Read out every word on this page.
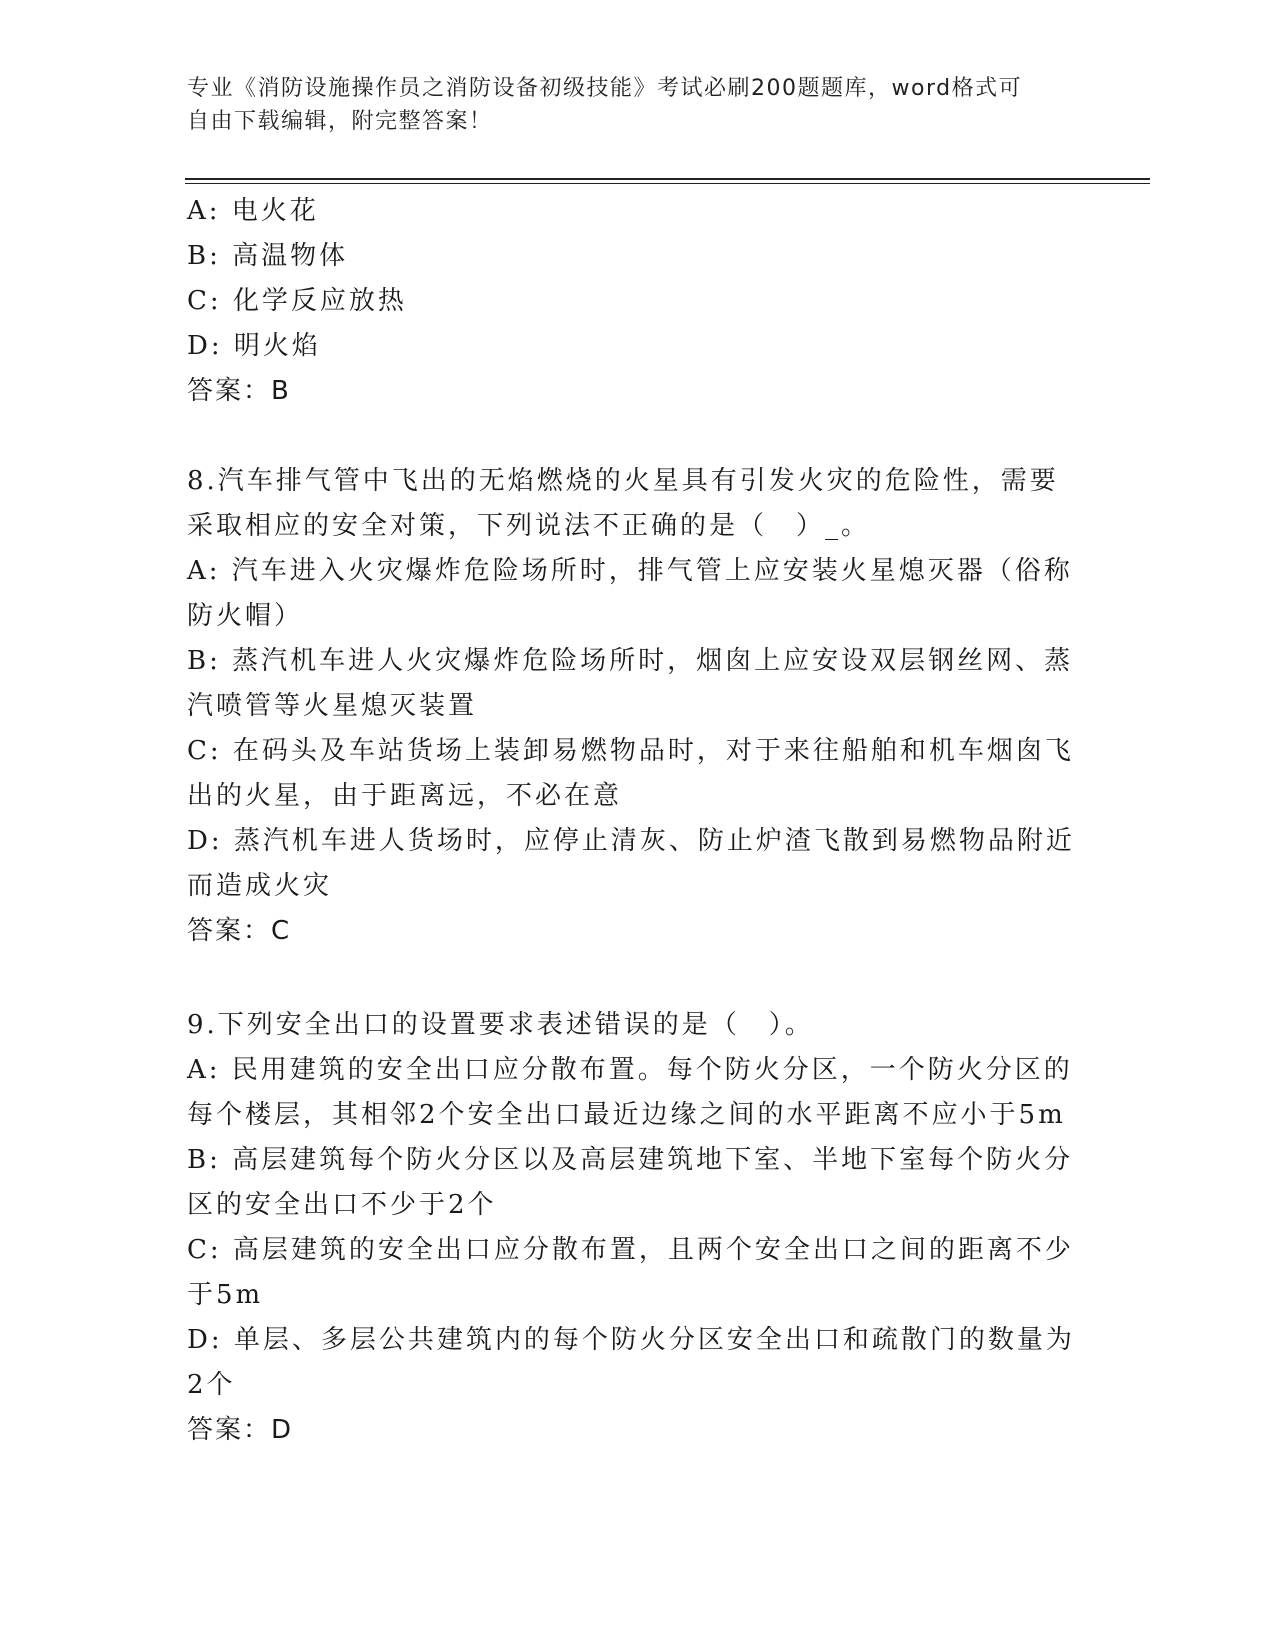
专业《消防设施操作员之消防设备初级技能》考试必刷200题题库，word格式可
自由下载编辑，附完整答案！
A: 电火花
B: 高温物体
C: 化学反应放热
D: 明火焰
答案：B
8.汽车排气管中飞出的无焰燃烧的火星具有引发火灾的危险性，需要
采取相应的安全对策，下列说法不正确的是（　）_。
A: 汽车进入火灾爆炸危险场所时，排气管上应安装火星熄灭器（俗称
防火帽）
B: 蒸汽机车进人火灾爆炸危险场所时，烟囱上应安设双层钢丝网、蒸
汽喷管等火星熄灭装置
C: 在码头及车站货场上装卸易燃物品时，对于来往船舶和机车烟囱飞
出的火星，由于距离远，不必在意
D: 蒸汽机车进人货场时，应停止清灰、防止炉渣飞散到易燃物品附近
而造成火灾
答案：C
9.下列安全出口的设置要求表述错误的是（　）。
A: 民用建筑的安全出口应分散布置。每个防火分区，一个防火分区的
每个楼层，其相邻2个安全出口最近边缘之间的水平距离不应小于5m
B: 高层建筑每个防火分区以及高层建筑地下室、半地下室每个防火分
区的安全出口不少于2个
C: 高层建筑的安全出口应分散布置，且两个安全出口之间的距离不少
于5m
D: 单层、多层公共建筑内的每个防火分区安全出口和疏散门的数量为
2个
答案：D
